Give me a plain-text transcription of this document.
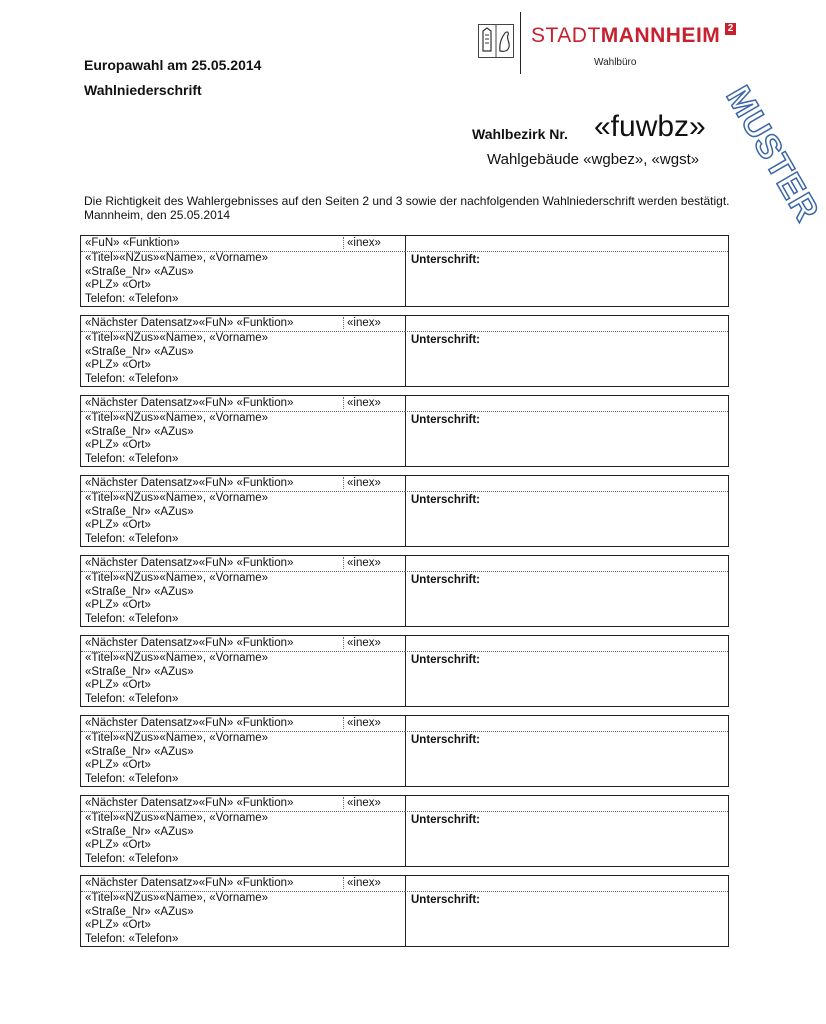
STADTMANNHEIM 2
Wahlbüro
Europawahl am 25.05.2014
Wahlniederschrift
Wahlbezirk Nr. «fuwbz»
Wahlgebäude «wgbez», «wgst» MUSTER
Die Richtigkeit des Wahlergebnisses auf den Seiten 2 und 3 sowie der nachfolgenden Wahlniederschrift werden bestätigt. Mannheim, den 25.05.2014
«FuN» «Funktion»	«inex»
«Titel»«NZus»«Name», «Vorname»
«Straße_Nr» «AZus»
«PLZ» «Ort»
Telefon: «Telefon»
Unterschrift:
«Nächster Datensatz»«FuN» «Funktion»	«inex»
«Titel»«NZus»«Name», «Vorname»
«Straße_Nr» «AZus»
«PLZ» «Ort»
Telefon: «Telefon»
Unterschrift:
«Nächster Datensatz»«FuN» «Funktion»	«inex»
«Titel»«NZus»«Name», «Vorname»
«Straße_Nr» «AZus»
«PLZ» «Ort»
Telefon: «Telefon»
Unterschrift:
«Nächster Datensatz»«FuN» «Funktion»	«inex»
«Titel»«NZus»«Name», «Vorname»
«Straße_Nr» «AZus»
«PLZ» «Ort»
Telefon: «Telefon»
Unterschrift:
«Nächster Datensatz»«FuN» «Funktion»	«inex»
«Titel»«NZus»«Name», «Vorname»
«Straße_Nr» «AZus»
«PLZ» «Ort»
Telefon: «Telefon»
Unterschrift:
«Nächster Datensatz»«FuN» «Funktion»	«inex»
«Titel»«NZus»«Name», «Vorname»
«Straße_Nr» «AZus»
«PLZ» «Ort»
Telefon: «Telefon»
Unterschrift:
«Nächster Datensatz»«FuN» «Funktion»	«inex»
«Titel»«NZus»«Name», «Vorname»
«Straße_Nr» «AZus»
«PLZ» «Ort»
Telefon: «Telefon»
Unterschrift:
«Nächster Datensatz»«FuN» «Funktion»	«inex»
«Titel»«NZus»«Name», «Vorname»
«Straße_Nr» «AZus»
«PLZ» «Ort»
Telefon: «Telefon»
Unterschrift:
«Nächster Datensatz»«FuN» «Funktion»	«inex»
«Titel»«NZus»«Name», «Vorname»
«Straße_Nr» «AZus»
«PLZ» «Ort»
Telefon: «Telefon»
Unterschrift:
